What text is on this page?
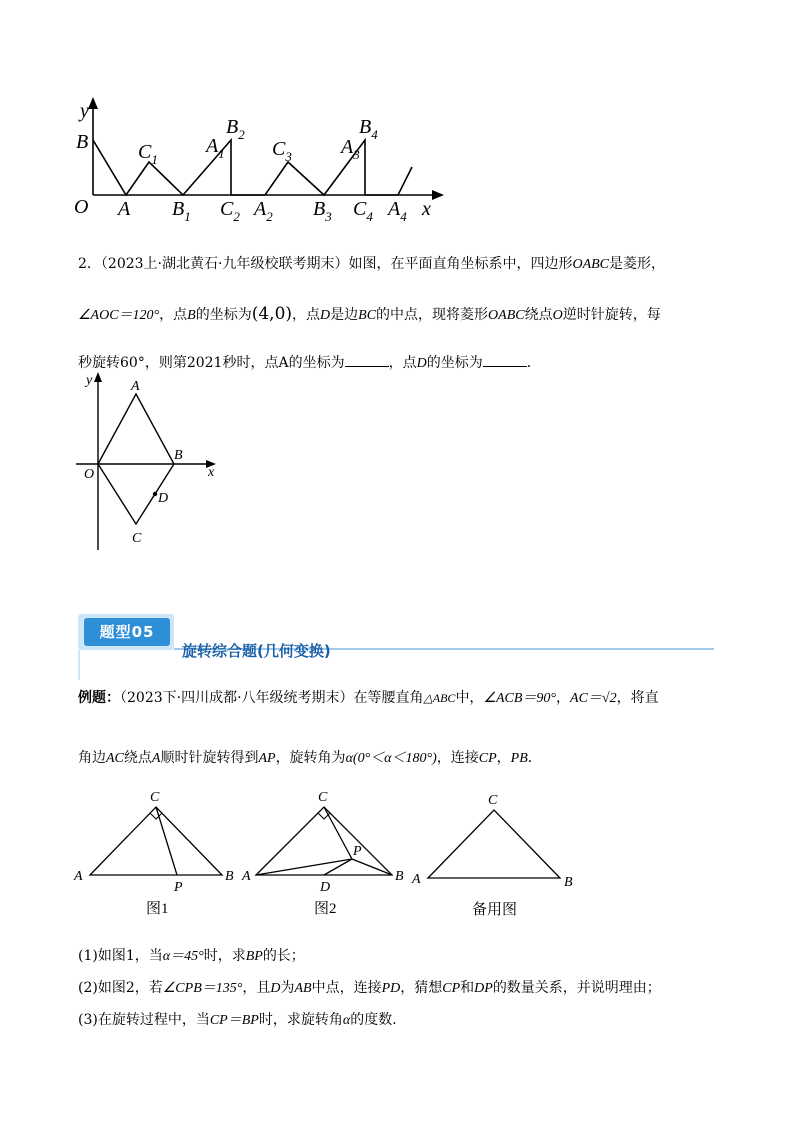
y
x
O
B
A
$C_1$
$B_1$
$A_1$
$B_2$
$C_2$ $A_2$
$C_3$
$B_3$
$A_3$
$B_4$
$C_4$ $A_4$
2．（2023上·湖北黄石·九年级校联考期末）如图，在平面直角坐标系中，四边形OABC是菱形，
∠AOC＝120°，点B的坐标为(4,0)，点D是边BC的中点，现将菱形OABC绕点O逆时针旋转，每
秒旋转60°，则第2021秒时，点A的坐标为	，点D的坐标为	．
y
x
O
A
B
C
D
题型05
旋转综合题(几何变换)
例题：（2023下·四川成都·八年级统考期末）在等腰直角△ABC中，∠ACB＝90°，AC＝√2，将直
角边AC绕点A顺时针旋转得到AP，旋转角为α(0°＜α＜180°)，连接CP，PB．
C
A	B
P
图1
C
A	B
P
D
图2
C
A	B
备用图
(1)如图1，当α＝45°时，求BP的长；
(2)如图2，若∠CPB＝135°，且D为AB中点，连接PD，猜想CP和DP的数量关系，并说明理由；
(3)在旋转过程中，当CP＝BP时，求旋转角α的度数．
